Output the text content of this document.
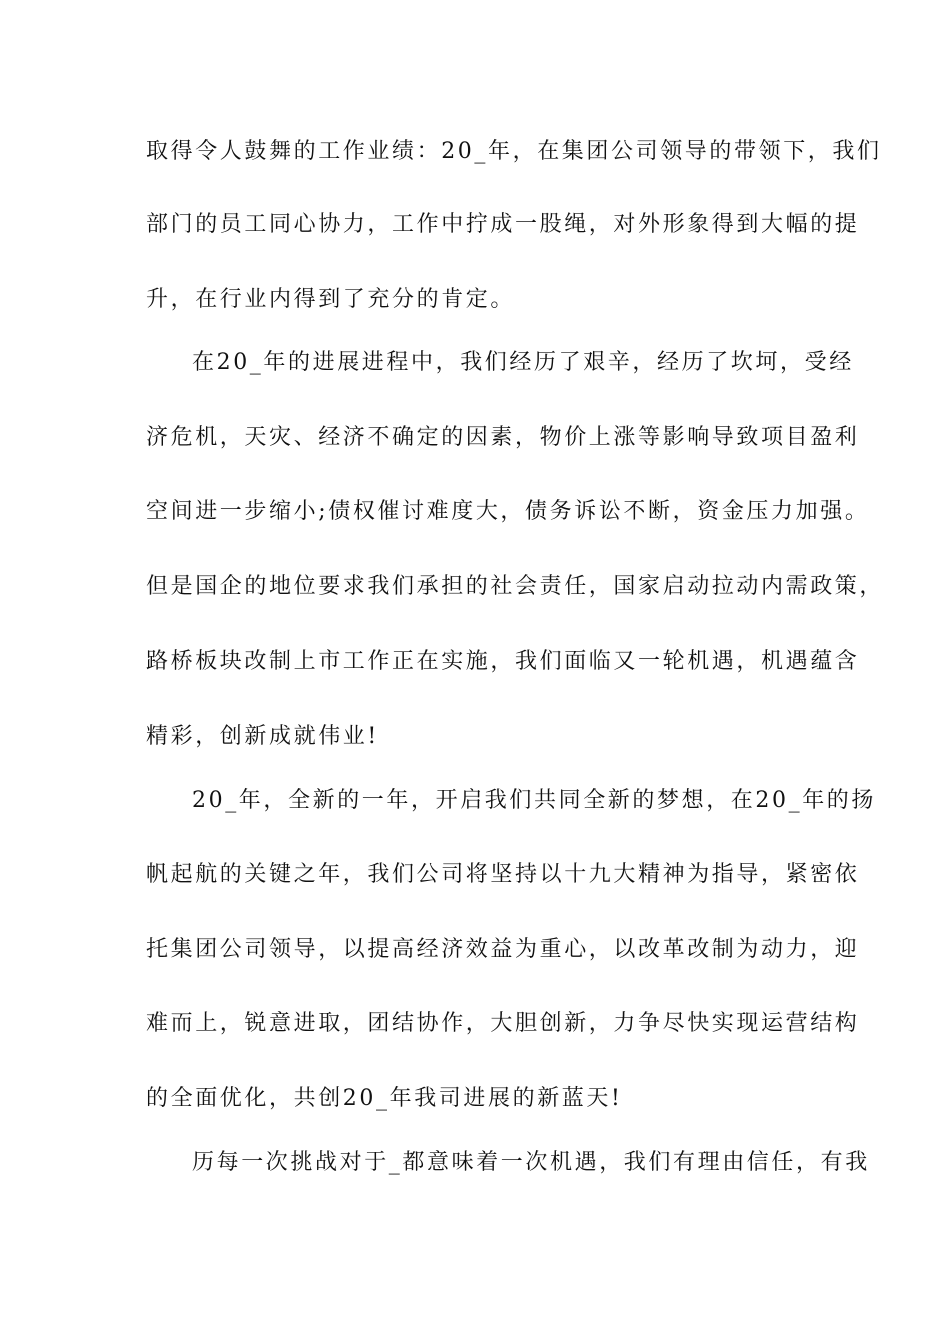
取得令人鼓舞的工作业绩：20_年，在集团公司领导的带领下，我们
部门的员工同心协力，工作中拧成一股绳，对外形象得到大幅的提
升，在行业内得到了充分的肯定。
在20_年的进展进程中，我们经历了艰辛，经历了坎坷，受经
济危机，天灾、经济不确定的因素，物价上涨等影响导致项目盈利
空间进一步缩小;债权催讨难度大，债务诉讼不断，资金压力加强。
但是国企的地位要求我们承担的社会责任，国家启动拉动内需政策，
路桥板块改制上市工作正在实施，我们面临又一轮机遇，机遇蕴含
精彩，创新成就伟业!
20_年，全新的一年，开启我们共同全新的梦想，在20_年的扬
帆起航的关键之年，我们公司将坚持以十九大精神为指导，紧密依
托集团公司领导，以提高经济效益为重心，以改革改制为动力，迎
难而上，锐意进取，团结协作，大胆创新，力争尽快实现运营结构
的全面优化，共创20_年我司进展的新蓝天!
历每一次挑战对于_都意味着一次机遇，我们有理由信任，有我
